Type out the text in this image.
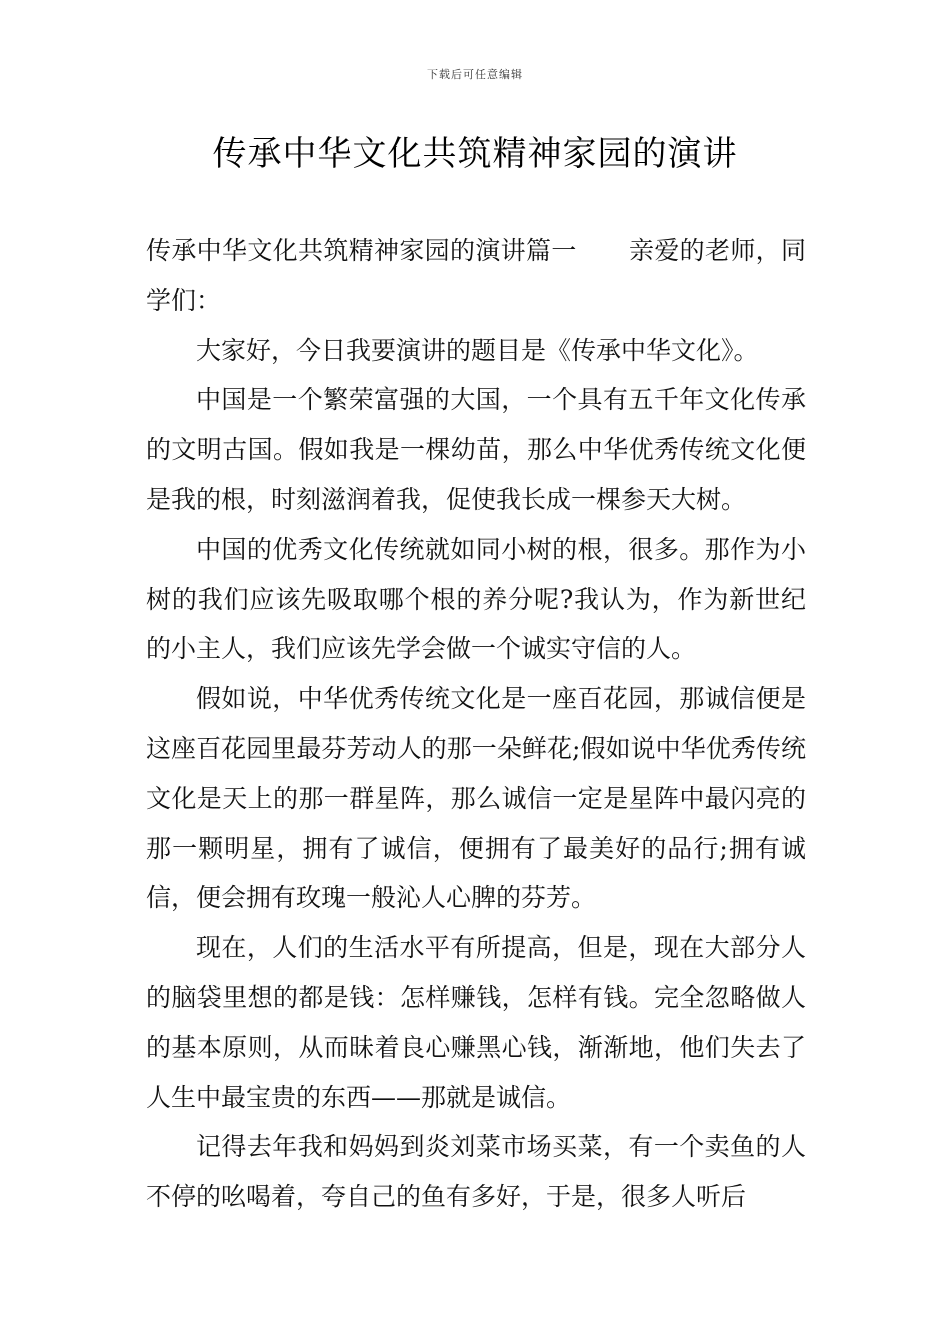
下载后可任意编辑
传承中华文化共筑精神家园的演讲

传承中华文化共筑精神家园的演讲篇一 亲爱的老师，同学们：

大家好，今日我要演讲的题目是《传承中华文化》。

中国是一个繁荣富强的大国，一个具有五千年文化传承的文明古国。假如我是一棵幼苗，那么中华优秀传统文化便是我的根，时刻滋润着我，促使我长成一棵参天大树。

中国的优秀文化传统就如同小树的根，很多。那作为小树的我们应该先吸取哪个根的养分呢?我认为，作为新世纪的小主人，我们应该先学会做一个诚实守信的人。

假如说，中华优秀传统文化是一座百花园，那诚信便是这座百花园里最芬芳动人的那一朵鲜花;假如说中华优秀传统文化是天上的那一群星阵，那么诚信一定是星阵中最闪亮的那一颗明星，拥有了诚信，便拥有了最美好的品行;拥有诚信，便会拥有玫瑰一般沁人心脾的芬芳。

现在，人们的生活水平有所提高，但是，现在大部分人的脑袋里想的都是钱：怎样赚钱，怎样有钱。完全忽略做人的基本原则，从而昧着良心赚黑心钱，渐渐地，他们失去了人生中最宝贵的东西——那就是诚信。

记得去年我和妈妈到炎刘菜市场买菜，有一个卖鱼的人不停的吆喝着，夸自己的鱼有多好，于是，很多人听后
